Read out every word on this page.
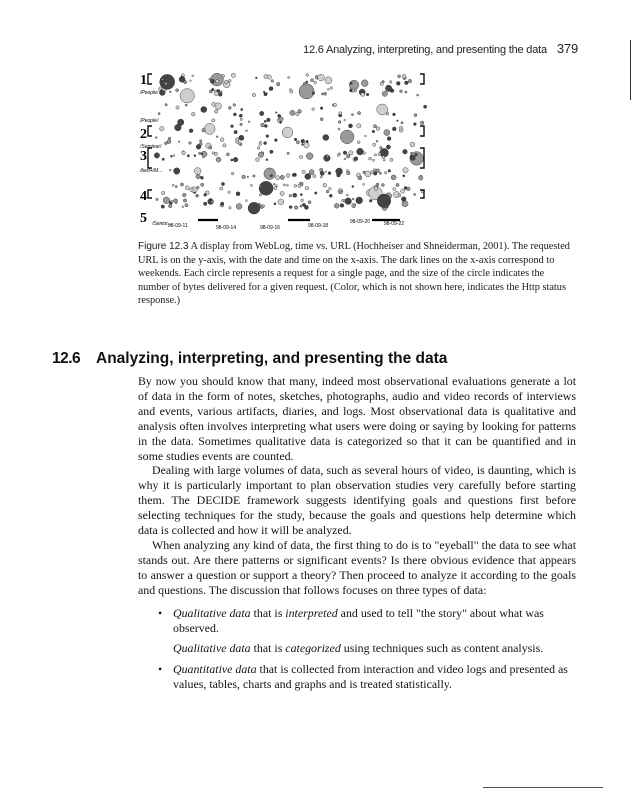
12.6 Analyzing, interpreting, and presenting the data 379
1
2
3
4
5
/People/
/People/
/Seminar/
/bed+/M...
/Senior...
98-09-11	98-09-14	98-09-16	98-09-18
98-09-20	98-09-22
Figure 12.3 A display from WebLog, time vs. URL (Hochheiser and Shneiderman, 2001). The requested URL is on the y-axis, with the date and time on the x-axis. The dark lines on the x-axis correspond to weekends. Each circle represents a request for a single page, and the size of the circle indicates the number of bytes delivered for a given request. (Color, which is not shown here, indicates the Http status response.)
12.6 Analyzing, interpreting, and presenting the data

By now you should know that many, indeed most observational evaluations generate a lot of data in the form of notes, sketches, photographs, audio and video records of interviews and events, various artifacts, diaries, and logs. Most observational data is qualitative and analysis often involves interpreting what users were doing or saying by looking for patterns in the data. Sometimes qualitative data is categorized so that it can be quantified and in some studies events are counted.

Dealing with large volumes of data, such as several hours of video, is daunting, which is why it is particularly important to plan observation studies very carefully before starting them. The DECIDE framework suggests identifying goals and questions first before selecting techniques for the study, because the goals and questions help determine which data is collected and how it will be analyzed.

When analyzing any kind of data, the first thing to do is to "eyeball" the data to see what stands out. Are there patterns or significant events? Is there obvious evidence that appears to answer a question or support a theory? Then proceed to analyze it according to the goals and questions. The discussion that follows focuses on three types of data:

• Qualitative data that is interpreted and used to tell "the story" about what was observed.
Qualitative data that is categorized using techniques such as content analysis.
• Quantitative data that is collected from interaction and video logs and presented as values, tables, charts and graphs and is treated statistically.
